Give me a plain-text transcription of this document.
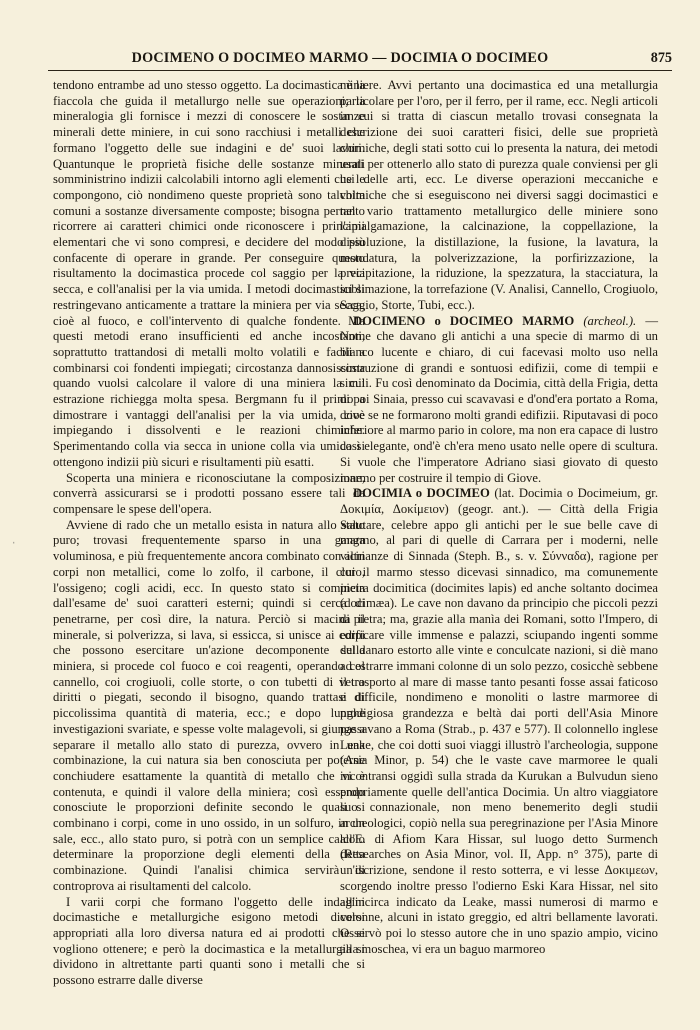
DOCIMENO O DOCIMEO MARMO — DOCIMIA O DOCIMEO	875
ˈ

tendono entrambe ad uno stesso oggetto. La docimastica è la fiaccola che guida il metallurgo nelle sue operazioni; la mineralogia gli fornisce i mezzi di conoscere le sostanze minerali dette miniere, in cui sono racchiusi i metalli che formano l'oggetto delle sue indagini e de' suoi lavori. Quantunque le proprietà fisiche delle sostanze minerali somministrino indizii calcolabili intorno agli elementi che le compongono, ciò nondimeno queste proprietà sono talvolta comuni a sostanze diversamente composte; bisogna pertanto ricorrere ai caratteri chimici onde riconoscere i principii elementari che vi sono compresi, e decidere del modo più confacente di operare in grande. Per conseguire questo risultamento la docimastica procede col saggio per la via secca, e coll'analisi per la via umida. I metodi docimastici si restringevano anticamente a trattare la miniera per via secca, cioè al fuoco, e coll'intervento di qualche fondente. Ma questi metodi erano insufficienti ed anche incostanti, soprattutto trattandosi di metalli molto volatili e facili a combinarsi coi fondenti impiegati; circostanza dannosissima quando vuolsi calcolare il valore di una miniera la cui estrazione richiegga molta spesa. Bergmann fu il primo a dimostrare i vantaggi dell'analisi per la via umida, cioè impiegando i dissolventi e le reazioni chimiche. Sperimentando colla via secca in unione colla via umida si ottengono indizii più sicuri e risultamenti più esatti.

Scoperta una miniera e riconosciutane la composizione, converrà assicurarsi se i prodotti possano essere tali da compensare le spese dell'opera.

Avviene di rado che un metallo esista in natura allo stato puro; trovasi frequentemente sparso in una ganga voluminosa, e più frequentemente ancora combinato con altri corpi non metallici, come lo zolfo, il carbone, il cloro, l'ossigeno; cogli acidi, ecc. In questo stato si comincia dall'esame de' suoi caratteri esterni; quindi si cerca di penetrarne, per così dire, la natura. Perciò si macina il minerale, si polverizza, si lava, si essicca, si unisce ai corpi che possono esercitare un'azione decomponente sulla miniera, si procede col fuoco e coi reagenti, operando col cannello, coi crogiuoli, colle storte, o con tubetti di vetro diritti o piegati, secondo il bisogno, quando trattasi di piccolissima quantità di materia, ecc.; e dopo lunghe investigazioni svariate, e spesse volte malagevoli, si giunge a separare il metallo allo stato di purezza, ovvero in una combinazione, la cui natura sia ben conosciuta per poterne conchiudere esattamente la quantità di metallo che vi è contenuta, e quindi il valore della miniera; così essendo conosciute le proporzioni definite secondo le quali si combinano i corpi, come in uno ossido, in un solfuro, in un sale, ecc., allo stato puro, si potrà con un semplice calcolo determinare la proporzione degli elementi della detta combinazione. Quindi l'analisi chimica servirà di controprova ai risultamenti del calcolo.

I varii corpi che formano l'oggetto delle indagini docimastiche e metallurgiche esigono metodi diversi appropriati alla loro diversa natura ed ai prodotti che si vogliono ottenere; e però la docimastica e la metallurgia si dividono in altrettante parti quanti sono i metalli che si possono estrarre dalle diverse

miniere. Avvi pertanto una docimastica ed una metallurgia particolare per l'oro, per il ferro, per il rame, ecc. Negli articoli in cui si tratta di ciascun metallo trovasi consegnata la descrizione dei suoi caratteri fisici, delle sue proprietà chimiche, degli stati sotto cui lo presenta la natura, dei metodi usati per ottenerlo allo stato di purezza quale conviensi per gli usi delle arti, ecc. Le diverse operazioni meccaniche e chimiche che si eseguiscono nei diversi saggi docimastici e nel vario trattamento metallurgico delle miniere sono l'amalgamazione, la calcinazione, la coppellazione, la dissoluzione, la distillazione, la fusione, la lavatura, la mondatura, la polverizzazione, la porfirizzazione, la precipitazione, la riduzione, la spezzatura, la stacciatura, la sublimazione, la torrefazione (V. Analisi, Cannello, Crogiuolo, Saggio, Storte, Tubi, ecc.).

DOCIMENO o DOCIMEO MARMO (archeol.). — Nome che davano gli antichi a una specie di marmo di un bianco lucente e chiaro, di cui facevasi molto uso nella costruzione di grandi e sontuosi edifizii, come di tempii e simili. Fu così denominato da Docimia, città della Frigia, detta di poi Sinaia, presso cui scavavasi e d'ond'era portato a Roma, dove se ne formarono molti grandi edifizii. Riputavasi di poco inferiore al marmo pario in colore, ma non era capace di lustro così elegante, ond'è ch'era meno usato nelle opere di scultura. Si vuole che l'imperatore Adriano siasi giovato di questo marmo per costruire il tempio di Giove.

DOCIMIA o DOCIMEO (lat. Docimia o Docimeium, gr. Δοκιμία, Δοκίμειον) (geogr. ant.). — Città della Frigia Salutare, celebre appo gli antichi per le sue belle cave di marmo, al pari di quelle di Carrara per i moderni, nelle vicinanze di Sinnada (Steph. B., s. v. Σύνναδα), ragione per cui il marmo stesso dicevasi sinnadico, ma comunemente pietra docimitica (docimites lapis) ed anche soltanto docimea (docimæa). Le cave non davano da principio che piccoli pezzi di pietra; ma, grazie alla manìa dei Romani, sotto l'Impero, di edificare ville immense e palazzi, sciupando ingenti somme del danaro estorto alle vinte e conculcate nazioni, si diè mano ad estrarre immani colonne di un solo pezzo, cosicchè sebbene il trasporto al mare di masse tanto pesanti fosse assai faticoso e difficile, nondimeno e monoliti o lastre marmoree di prodigiosa grandezza e beltà dai porti dell'Asia Minore passavano a Roma (Strab., p. 437 e 577). Il colonnello inglese Leake, che coi dotti suoi viaggi illustrò l'archeologia, suppone (Asia Minor, p. 54) che le vaste cave marmoree le quali incontransi oggidì sulla strada da Kurukan a Bulvudun sieno propriamente quelle dell'antica Docimia. Un altro viaggiatore suo connazionale, non meno benemerito degli studii archeologici, copiò nella sua peregrinazione per l'Asia Minore all'E. di Afiom Kara Hissar, sul luogo detto Surmench (Researches on Asia Minor, vol. II, App. n° 375), parte di un'iscrizione, sendone il resto sotterra, e vi lesse Δοκιμεων, scorgendo inoltre presso l'odierno Eski Kara Hissar, nel sito all'incirca indicato da Leake, massi numerosi di marmo e colonne, alcuni in istato greggio, ed altri bellamente lavorati. Osservò poi lo stesso autore che in uno spazio ampio, vicino alla moschea, vi era un baguo marmoreo
